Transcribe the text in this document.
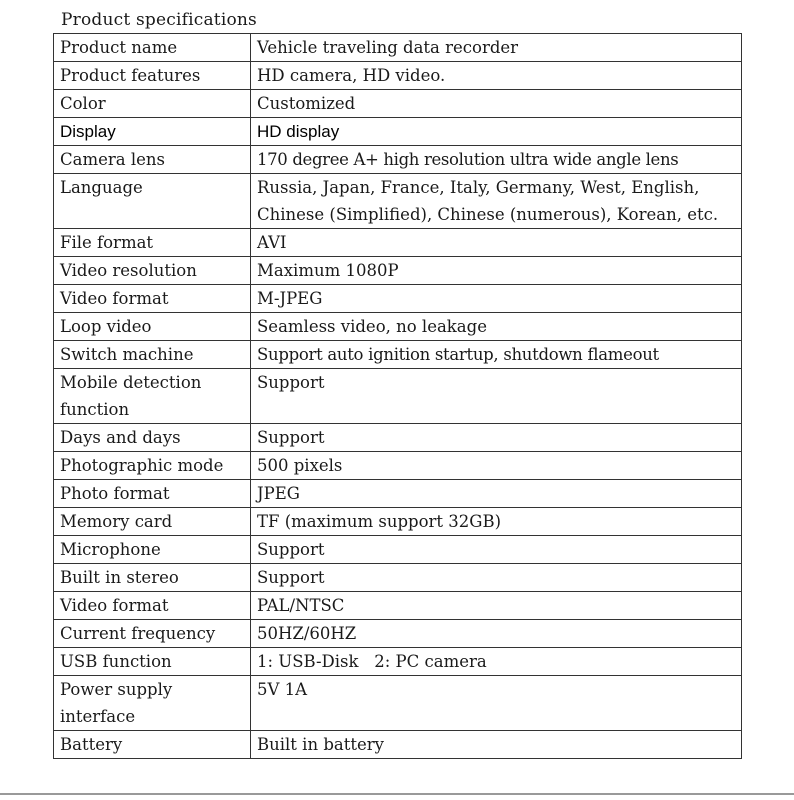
Product specifications
Product name	Vehicle traveling data recorder
Product features	HD camera, HD video.
Color	Customized
Display	HD display
Camera lens	170 degree A+ high resolution ultra wide angle lens
Language	Russia, Japan, France, Italy, Germany, West, English, Chinese (Simplified), Chinese (numerous), Korean, etc.
File format	AVI
Video resolution	Maximum 1080P
Video format	M-JPEG
Loop video	Seamless video, no leakage
Switch machine	Support auto ignition startup, shutdown flameout
Mobile detection function	Support
Days and days	Support
Photographic mode	500 pixels
Photo format	JPEG
Memory card	TF (maximum support 32GB)
Microphone	Support
Built in stereo	Support
Video format	PAL/NTSC
Current frequency	50HZ/60HZ
USB function	1: USB-Disk   2: PC camera
Power supply interface	5V 1A
Battery	Built in battery
